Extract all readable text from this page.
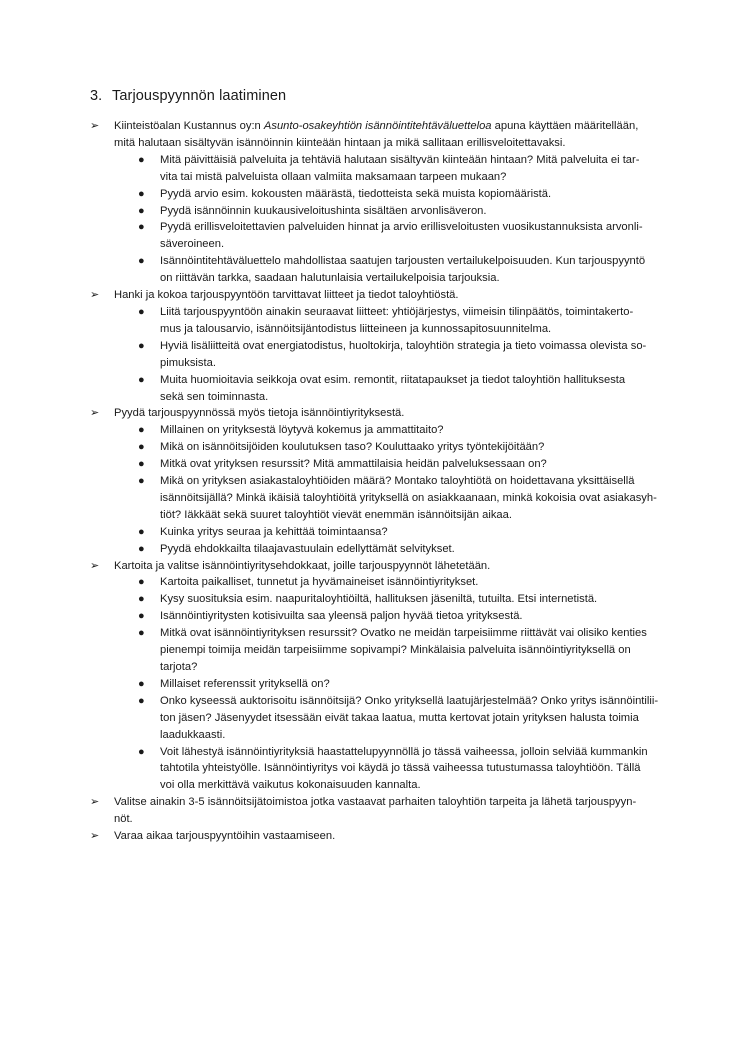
3. Tarjouspyynnön laatiminen
➢	Kiinteistöalan Kustannus oy:n Asunto-osakeyhtiön isännöintitehtäväluetteloa apuna käyttäen määritellään,
mitä halutaan sisältyvän isännöinnin kiinteään hintaan ja mikä sallitaan erillisveloitettavaksi.
● Mitä päivittäisiä palveluita ja tehtäviä halutaan sisältyvän kiinteään hintaan? Mitä palveluita ei tar-
vita tai mistä palveluista ollaan valmiita maksamaan tarpeen mukaan?
● Pyydä arvio esim. kokousten määrästä, tiedotteista sekä muista kopiomääristä.
● Pyydä isännöinnin kuukausiveloitushinta sisältäen arvonlisäveron.
● Pyydä erillisveloitettavien palveluiden hinnat ja arvio erillisveloitusten vuosikustannuksista arvonli-
säveroineen.
● Isännöintitehtäväluettelo mahdollistaa saatujen tarjousten vertailukelpoisuuden. Kun tarjouspyyntö
on riittävän tarkka, saadaan halutunlaisia vertailukelpoisia tarjouksia.
➢	Hanki ja kokoa tarjouspyyntöön tarvittavat liitteet ja tiedot taloyhtiöstä.
● Liitä tarjouspyyntöön ainakin seuraavat liitteet: yhtiöjärjestys, viimeisin tilinpäätös, toimintakerto-
mus ja talousarvio, isännöitsijäntodistus liitteineen ja kunnossapitosuunnitelma.
● Hyviä lisäliitteitä ovat energiatodistus, huoltokirja, taloyhtiön strategia ja tieto voimassa olevista so-
pimuksista.
● Muita huomioitavia seikkoja ovat esim. remontit, riitatapaukset ja tiedot taloyhtiön hallituksesta
sekä sen toiminnasta.
➢	Pyydä tarjouspyynnössä myös tietoja isännöintiyrityksestä.
● Millainen on yrityksestä löytyvä kokemus ja ammattitaito?
● Mikä on isännöitsijöiden koulutuksen taso? Kouluttaako yritys työntekijöitään?
● Mitkä ovat yrityksen resurssit? Mitä ammattilaisia heidän palveluksessaan on?
● Mikä on yrityksen asiakastaloyhtiöiden määrä? Montako taloyhtiötä on hoidettavana yksittäisellä
isännöitsijällä? Minkä ikäisiä taloyhtiöitä yrityksellä on asiakkaanaan, minkä kokoisia ovat asiakasyh-
tiöt? Iäkkäät sekä suuret taloyhtiöt vievät enemmän isännöitsijän aikaa.
● Kuinka yritys seuraa ja kehittää toimintaansa?
● Pyydä ehdokkailta tilaajavastuulain edellyttämät selvitykset.
➢	Kartoita ja valitse isännöintiyritysehdokkaat, joille tarjouspyynnöt lähetetään.
● Kartoita paikalliset, tunnetut ja hyvämaineiset isännöintiyritykset.
● Kysy suosituksia esim. naapuritaloyhtiöiltä, hallituksen jäseniltä, tutuilta. Etsi internetistä.
● Isännöintiyritysten kotisivuilta saa yleensä paljon hyvää tietoa yrityksestä.
● Mitkä ovat isännöintiyrityksen resurssit? Ovatko ne meidän tarpeisiimme riittävät vai olisiko kenties
pienempi toimija meidän tarpeisiimme sopivampi? Minkälaisia palveluita isännöintiyrityksellä on
tarjota?
● Millaiset referenssit yrityksellä on?
● Onko kyseessä auktorisoitu isännöitsijä? Onko yrityksellä laatujärjestelmää? Onko yritys isännöintilii-
ton jäsen? Jäsenyydet itsessään eivät takaa laatua, mutta kertovat jotain yrityksen halusta toimia
laadukkaasti.
● Voit lähestyä isännöintiyrityksiä haastattelupyynnöllä jo tässä vaiheessa, jolloin selviää kummankin
tahtotila yhteistyölle. Isännöintiyritys voi käydä jo tässä vaiheessa tutustumassa taloyhtiöön. Tällä
voi olla merkittävä vaikutus kokonaisuuden kannalta.
➢	Valitse ainakin 3-5 isännöitsijätoimistoa jotka vastaavat parhaiten taloyhtiön tarpeita ja lähetä tarjouspyyn-
nöt.
➢	Varaa aikaa tarjouspyyntöihin vastaamiseen.
